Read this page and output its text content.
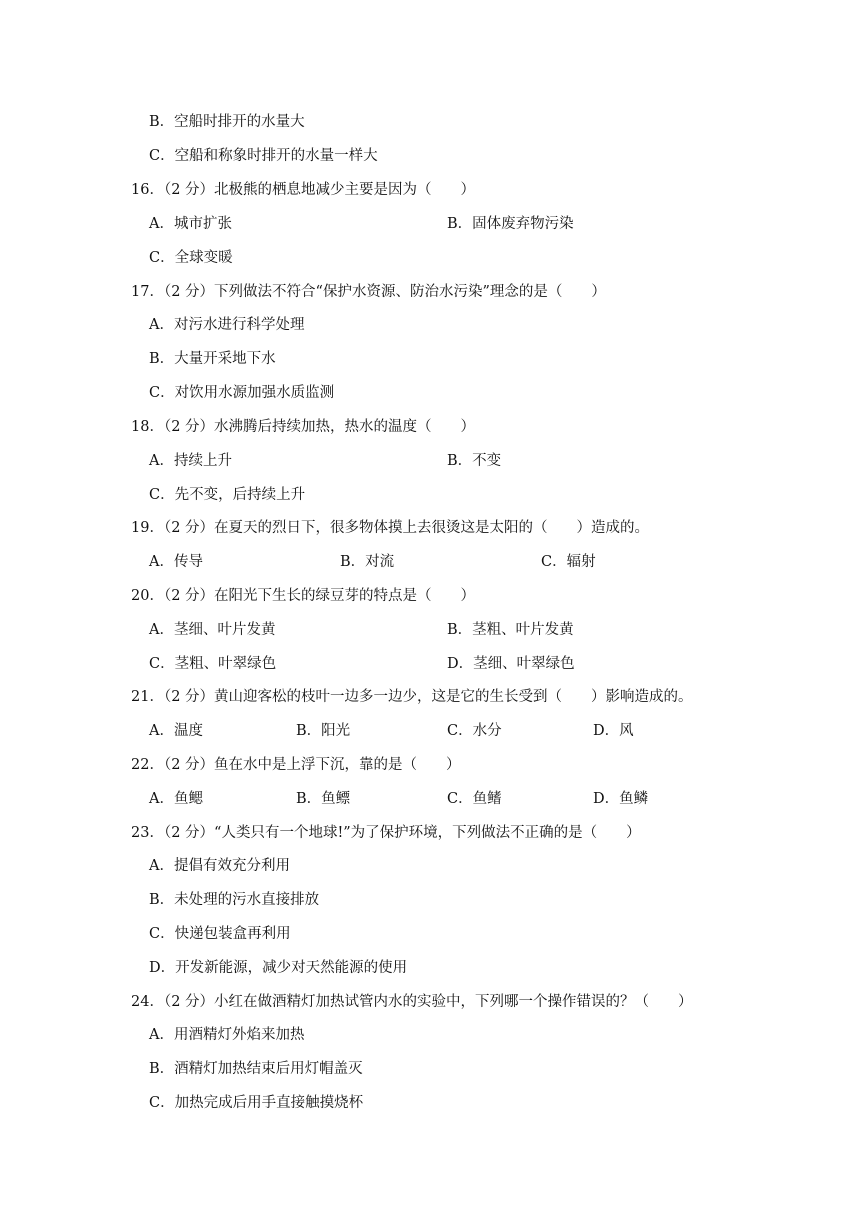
B．空船时排开的水量大
C．空船和称象时排开的水量一样大
16．（2 分）北极熊的栖息地减少主要是因为（　　）
A．城市扩张	B．固体废弃物污染
C．全球变暖
17．（2 分）下列做法不符合“保护水资源、防治水污染”理念的是（　　）
A．对污水进行科学处理
B．大量开采地下水
C．对饮用水源加强水质监测
18．（2 分）水沸腾后持续加热，热水的温度（　　）
A．持续上升	B．不变
C．先不变，后持续上升
19．（2 分）在夏天的烈日下，很多物体摸上去很烫这是太阳的（　　）造成的。
A．传导	B．对流	C．辐射
20．（2 分）在阳光下生长的绿豆芽的特点是（　　）
A．茎细、叶片发黄	B．茎粗、叶片发黄
C．茎粗、叶翠绿色	D．茎细、叶翠绿色
21．（2 分）黄山迎客松的枝叶一边多一边少，这是它的生长受到（　　）影响造成的。
A．温度	B．阳光	C．水分	D．风
22．（2 分）鱼在水中是上浮下沉，靠的是（　　）
A．鱼鳃	B．鱼鳔	C．鱼鳍	D．鱼鳞
23．（2 分）“人类只有一个地球!”为了保护环境，下列做法不正确的是（　　）
A．提倡有效充分利用
B．未处理的污水直接排放
C．快递包装盒再利用
D．开发新能源，减少对天然能源的使用
24．（2 分）小红在做酒精灯加热试管内水的实验中，下列哪一个操作错误的？（　　）
A．用酒精灯外焰来加热
B．酒精灯加热结束后用灯帽盖灭
C．加热完成后用手直接触摸烧杯
